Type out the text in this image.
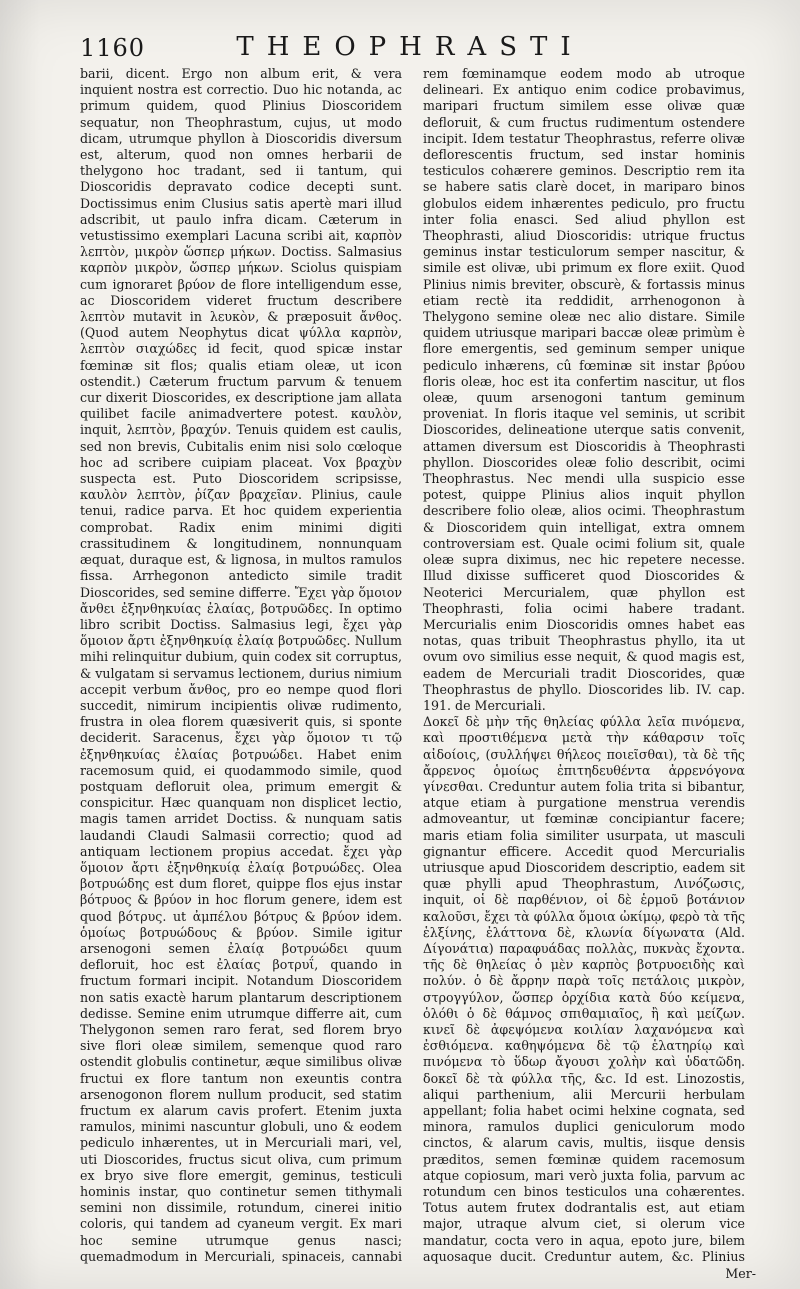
1160	THEOPHRASTI

barii, dicent. Ergo non album erit, & vera inquient nostra est correctio. Duo hic notanda, ac primum quidem, quod Plinius Dioscoridem sequatur, non Theophrastum, cujus, ut modo dicam, utrumque phyllon à Dioscoridis diversum est, alterum, quod non omnes herbarii de thelygono hoc tradant, sed ii tantum, qui Dioscoridis depravato codice decepti sunt. Doctissimus enim Clusius satis apertè mari illud adscribit, ut paulo infra dicam. Cæterum in vetustissimo exemplari Lacuna scribi ait, καρπὸν λεπτὸν, μικρὸν ὥσπερ μήκων. Doctiss. Salmasius καρπὸν μικρὸν, ὥσπερ μήκων. Sciolus quispiam cum ignoraret βρύον de flore intelligendum esse, ac Dioscoridem videret fructum describere λεπτὸν mutavit in λευκὸν, & præposuit ἄνθος. (Quod autem Neophytus dicat ψύλλα καρπὸν, λεπτὸν σιαχώδες id fecit, quod spicæ instar fœminæ sit flos; qualis etiam oleæ, ut icon ostendit.) Cæterum fructum parvum & tenuem cur dixerit Dioscorides, ex descriptione jam allata quilibet facile animadvertere potest. καυλὸν, inquit, λεπτὸν, βραχύν. Tenuis quidem est caulis, sed non brevis, Cubitalis enim nisi solo cœloque hoc ad scribere cuipiam placeat. Vox βραχὺν suspecta est. Puto Dioscoridem scripsisse, καυλὸν λεπτὸν, ῥίζαν βραχεῖαν. Plinius, caule tenui, radice parva. Et hoc quidem experientia comprobat. Radix enim minimi digiti crassitudinem & longitudinem, nonnunquam æquat, duraque est, & lignosa, in multos ramulos fissa. Arrhegonon antedicto simile tradit Dioscorides, sed semine differre. Ἔχει γὰρ ὅμοιον ἄνθει ἐξηνθηκυίας ἐλαίας, βοτρυῶδες. In optimo libro scribit Doctiss. Salmasius legi, ἔχει γὰρ ὅμοιον ἄρτι ἐξηνθηκυίᾳ ἐλαίᾳ βοτρυῶδες. Nullum mihi relinquitur dubium, quin codex sit corruptus, & vulgatam si servamus lectionem, durius nimium accepit verbum ἄνθος, pro eo nempe quod flori succedit, nimirum incipientis olivæ rudimento, frustra in olea florem quæsiverit quis, si sponte deciderit. Saracenus, ἔχει γὰρ ὅμοιον τι τῷ ἐξηνθηκυίας ἐλαίας βοτρυώδει. Habet enim racemosum quid, ei quodammodo simile, quod postquam defloruit olea, primum emergit & conspicitur. Hæc quanquam non displicet lectio, magis tamen arridet Doctiss. & nunquam satis laudandi Claudi Salmasii correctio; quod ad antiquam lectionem propius accedat. ἔχει γὰρ ὅμοιον ἄρτι ἐξηνθηκυίᾳ ἐλαίᾳ βοτρυώδες. Olea βοτρυώδης est dum floret, quippe flos ejus instar βότρυος & βρύον in hoc florum genere, idem est quod βότρυς. ut ἀμπέλου βότρυς & βρύον idem. ὁμοίως βοτρυώδους & βρύον. Simile igitur arsenogoni semen ἐλαίᾳ βοτρυώδει quum defloruit, hoc est ἐλαίας βοτρυΐ, quando in fructum formari incipit. Notandum Dioscoridem non satis exactè harum plantarum descriptionem dedisse. Semine enim utrumque differre ait, cum Thelygonon semen raro ferat, sed florem bryo sive flori oleæ similem, semenque quod raro ostendit globulis continetur, æque similibus olivæ fructui ex flore tantum non exeuntis contra arsenogonon florem nullum producit, sed statim fructum ex alarum cavis profert. Etenim juxta ramulos, minimi nascuntur globuli, uno & eodem pediculo inhærentes, ut in Mercuriali mari, vel, uti Dioscorides, fructus sicut oliva, cum primum ex bryo sive flore emergit, geminus, testiculi hominis instar, quo continetur semen tithymali semini non dissimile, rotundum, cinerei initio coloris, qui tandem ad cyaneum vergit. Ex mari hoc semine utrumque genus nasci; quemadmodum in Mercuriali, spinaceis, cannabi

rem fœminamque eodem modo ab utroque delineari. Ex antiquo enim codice probavimus, maripari fructum similem esse olivæ quæ defloruit, & cum fructus rudimentum ostendere incipit. Idem testatur Theophrastus, referre olivæ deflorescentis fructum, sed instar hominis testiculos cohærere geminos. Descriptio rem ita se habere satis clarè docet, in mariparo binos globulos eidem inhærentes pediculo, pro fructu inter folia enasci. Sed aliud phyllon est Theophrasti, aliud Dioscoridis: utrique fructus geminus instar testiculorum semper nascitur, & simile est olivæ, ubi primum ex flore exiit. Quod Plinius nimis breviter, obscurè, & fortassis minus etiam rectè ita reddidit, arrhenogonon à Thelygono semine oleæ nec alio distare. Simile quidem utriusque maripari baccæ oleæ primùm è flore emergentis, sed geminum semper unique pediculo inhærens, cû fœminæ sit instar βρύου floris oleæ, hoc est ita confertim nascitur, ut flos oleæ, quum arsenogoni tantum geminum proveniat. In floris itaque vel seminis, ut scribit Dioscorides, delineatione uterque satis convenit, attamen diversum est Dioscoridis à Theophrasti phyllon. Dioscorides oleæ folio describit, ocimi Theophrastus. Nec mendi ulla suspicio esse potest, quippe Plinius alios inquit phyllon describere folio oleæ, alios ocimi. Theophrastum & Dioscoridem quin intelligat, extra omnem controversiam est. Quale ocimi folium sit, quale oleæ supra diximus, nec hic repetere necesse. Illud dixisse sufficeret quod Dioscorides & Neoterici Mercurialem, quæ phyllon est Theophrasti, folia ocimi habere tradant. Mercurialis enim Dioscoridis omnes habet eas notas, quas tribuit Theophrastus phyllo, ita ut ovum ovo similius esse nequit, & quod magis est, eadem de Mercuriali tradit Dioscorides, quæ Theophrastus de phyllo. Dioscorides lib. IV. cap. 191. de Mercuriali.

Δοκεῖ δὲ μὴν τῆς θηλείας φύλλα λεῖα πινόμενα, καὶ προστιθέμενα μετὰ τὴν κάθαρσιν τοῖς αἰδοίοις, (συλλήψει θήλεος ποιεῖσθαι), τὰ δὲ τῆς ἄρρενος ὁμοίως ἐπιτηδευθέντα ἀρρενόγονα γίνεσθαι. Creduntur autem folia trita si bibantur, atque etiam à purgatione menstrua verendis admoveantur, ut fœminæ concipiantur facere; maris etiam folia similiter usurpata, ut masculi gignantur efficere. Accedit quod Mercurialis utriusque apud Dioscoridem descriptio, eadem sit quæ phylli apud Theophrastum, Λινόζωσις, inquit, οἱ δὲ παρθένιον, οἱ δὲ ἑρμοῦ βοτάνιον καλοῦσι, ἔχει τὰ φύλλα ὅμοια ὠκίμῳ, φερὸ τὰ τῆς ἑλξίνης, ἐλάττονα δὲ, κλωνία δίγωνατα (Ald. Δίγονάτια) παραφυάδας πολλὰς, πυκνὰς ἔχοντα. τῆς δὲ θηλείας ὁ μὲν καρπὸς βοτρυοειδὴς καὶ πολύν. ὁ δὲ ἄρρην παρὰ τοῖς πετάλοις μικρὸν, στρογγύλον, ὥσπερ ὀρχίδια κατὰ δύο κείμενα, ὁλόθι ὁ δὲ θάμνος σπιθαμιαῖος, ἢ καὶ μείζων. κινεῖ δὲ ἀφεψόμενα κοιλίαν λαχανόμενα καὶ ἐσθιόμενα. καθηψόμενα δὲ τῷ ἑλατηρίῳ καὶ πινόμενα τὸ ὕδωρ ἄγουσι χολὴν καὶ ὑδατῶδη. δοκεῖ δὲ τὰ φύλλα τῆς, &c. Id est. Linozostis, aliqui parthenium, alii Mercurii herbulam appellant; folia habet ocimi helxine cognata, sed minora, ramulos duplici geniculorum modo cinctos, & alarum cavis, multis, iisque densis præditos, semen fœminæ quidem racemosum atque copiosum, mari verò juxta folia, parvum ac rotundum cen binos testiculos una cohærentes. Totus autem frutex dodrantalis est, aut etiam major, utraque alvum ciet, si olerum vice mandatur, cocta vero in aqua, epoto jure, bilem aquosaque ducit. Creduntur autem, &c. Plinius

Mer-
